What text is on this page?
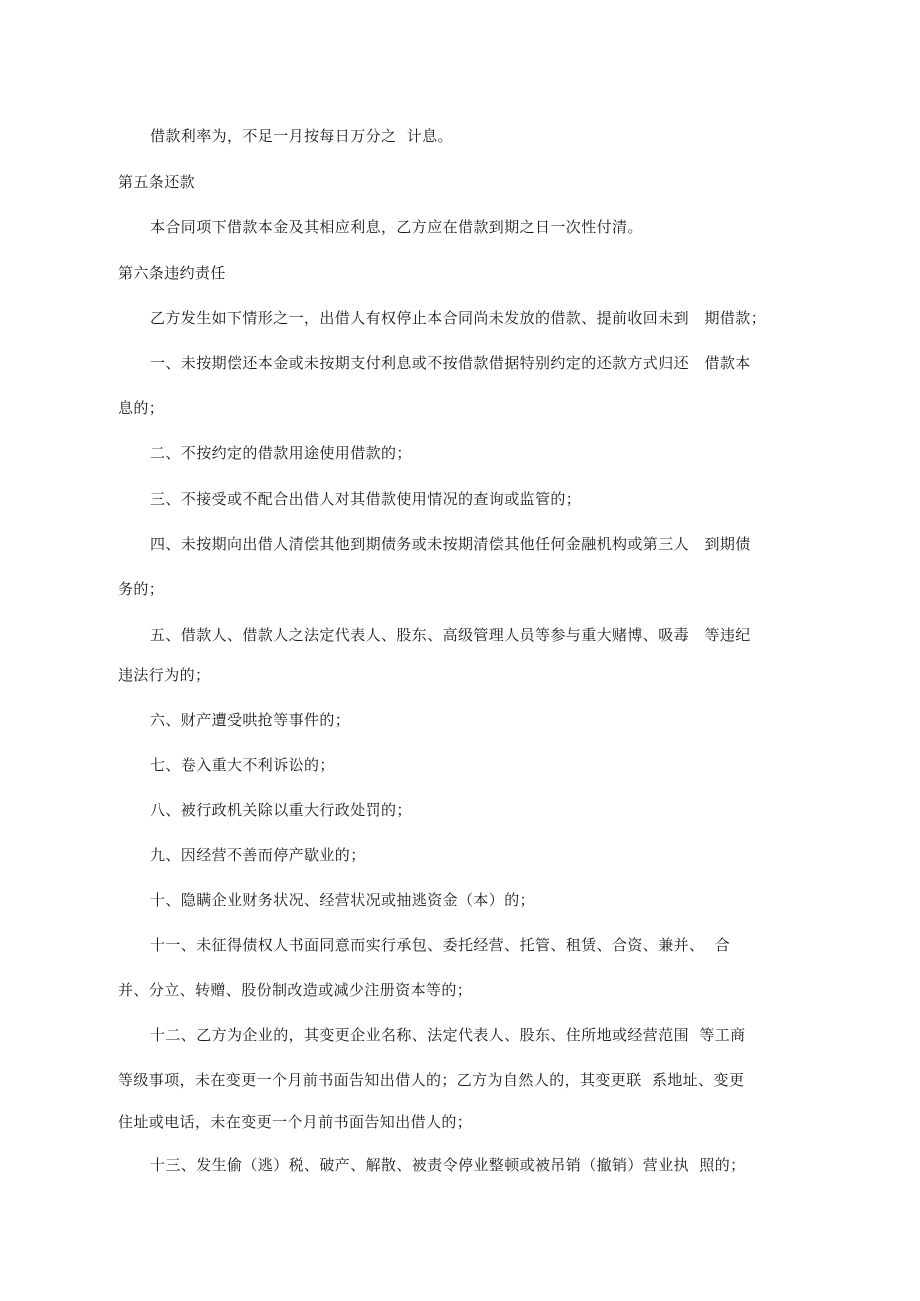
借款利率为，不足一月按每日万分之  计息。
第五条还款
本合同项下借款本金及其相应利息，乙方应在借款到期之日一次性付清。
第六条违约责任
乙方发生如下情形之一，出借人有权停止本合同尚未发放的借款、提前收回未到   期借款；
一、未按期偿还本金或未按期支付利息或不按借款借据特别约定的还款方式归还   借款本
息的；
二、不按约定的借款用途使用借款的；
三、不接受或不配合出借人对其借款使用情况的查询或监管的；
四、未按期向出借人清偿其他到期债务或未按期清偿其他任何金融机构或第三人   到期债
务的；
五、借款人、借款人之法定代表人、股东、高级管理人员等参与重大赌博、吸毒   等违纪
违法行为的；
六、财产遭受哄抢等事件的；
七、卷入重大不利诉讼的；
八、被行政机关除以重大行政处罚的；
九、因经营不善而停产歇业的；
十、隐瞒企业财务状况、经营状况或抽逃资金（本）的；
十一、未征得债权人书面同意而实行承包、委托经营、托管、租赁、合资、兼并、  合
并、分立、转赠、股份制改造或减少注册资本等的；
十二、乙方为企业的，其变更企业名称、法定代表人、股东、住所地或经营范围  等工商
等级事项，未在变更一个月前书面告知出借人的；乙方为自然人的，其变更联  系地址、变更
住址或电话，未在变更一个月前书面告知出借人的；
十三、发生偷（逃）税、破产、解散、被责令停业整顿或被吊销（撤销）营业执  照的；
